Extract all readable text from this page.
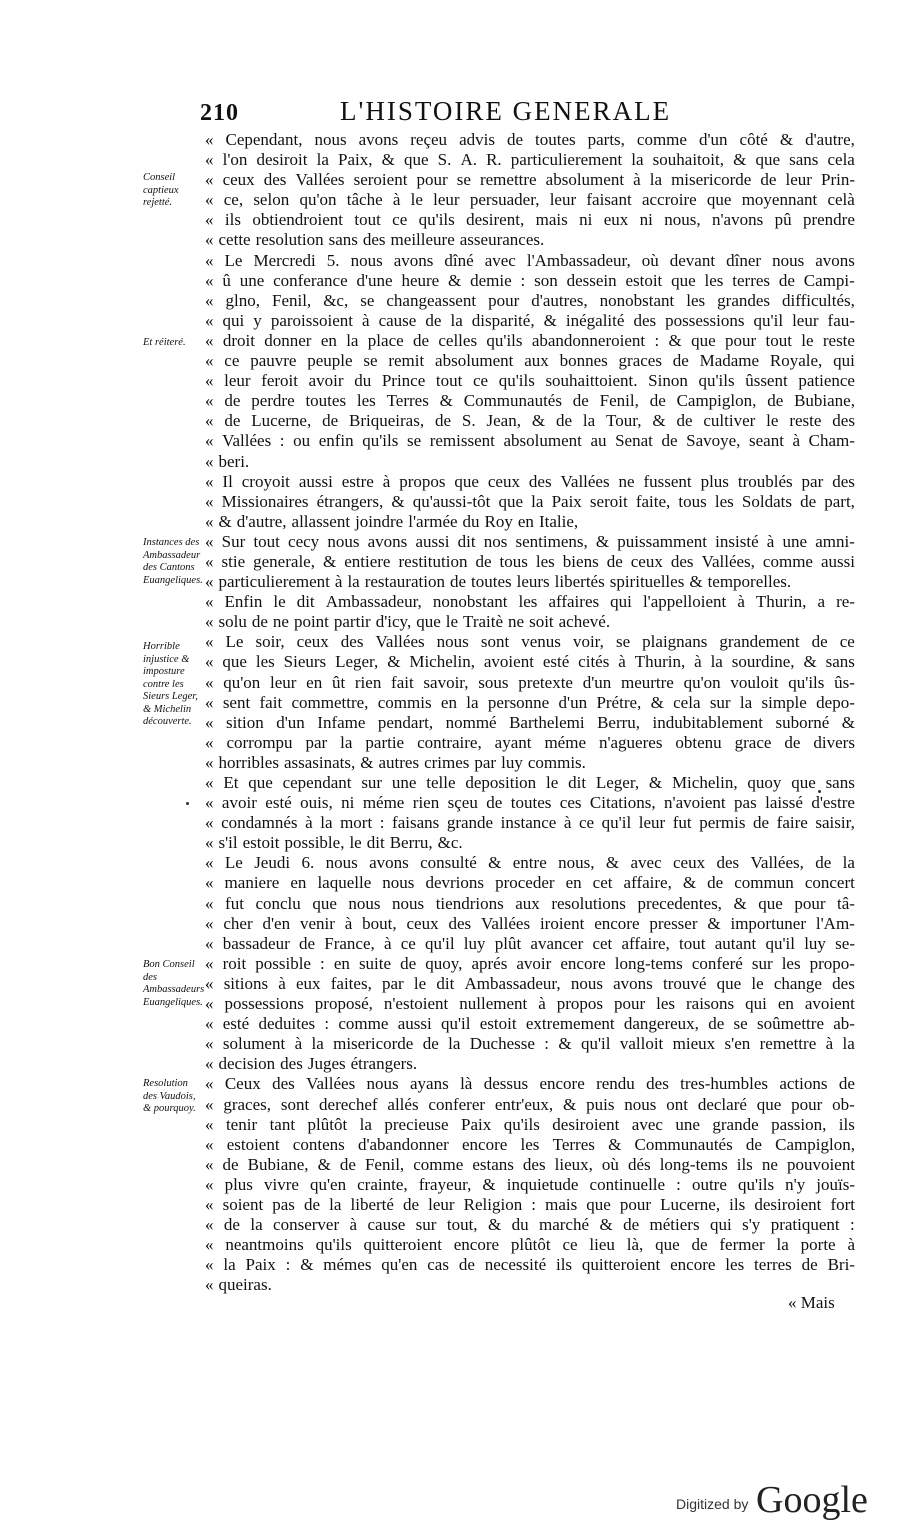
210	L'HISTOIRE GENERALE
Conseil captieux rejetté.
Et réiteré.
Instances des Ambassadeur des Cantons Euangeliques.
Horrible injustice & imposture contre les Sieurs Leger, & Michelin découverte.
Bon Conseil des Ambassadeurs Euangeliques.
Resolution des Vaudois, & pourquoy.
« Cependant, nous avons reçeu advis de toutes parts, comme d'un côté & d'autre,
« l'on desiroit la Paix, & que S. A. R. particulierement la souhaitoit, & que sans cela
« ceux des Vallées seroient pour se remettre absolument à la misericorde de leur Prin-
« ce, selon qu'on tâche à le leur persuader, leur faisant accroire que moyennant celà
« ils obtiendroient tout ce qu'ils desirent, mais ni eux ni nous, n'avons pû prendre
« cette resolution sans des meilleure asseurances.
« Le Mercredi 5. nous avons dîné avec l'Ambassadeur, où devant dîner nous avons
« û une conferance d'une heure & demie : son dessein estoit que les terres de Campi-
« glno, Fenil, &c, se changeassent pour d'autres, nonobstant les grandes difficultés,
« qui y paroissoient à cause de la disparité, & inégalité des possessions qu'il leur fau-
« droit donner en la place de celles qu'ils abandonneroient : & que pour tout le reste
« ce pauvre peuple se remit absolument aux bonnes graces de Madame Royale, qui
« leur feroit avoir du Prince tout ce qu'ils souhaittoient. Sinon qu'ils ûssent patience
« de perdre toutes les Terres & Communautés de Fenil, de Campiglon, de Bubiane,
« de Lucerne, de Briqueiras, de S. Jean, & de la Tour, & de cultiver le reste des
« Vallées : ou enfin qu'ils se remissent absolument au Senat de Savoye, seant à Cham-
« beri.
« Il croyoit aussi estre à propos que ceux des Vallées ne fussent plus troublés par des
« Missionaires étrangers, & qu'aussi-tôt que la Paix seroit faite, tous les Soldats de part,
« & d'autre, allassent joindre l'armée du Roy en Italie,
« Sur tout cecy nous avons aussi dit nos sentimens, & puissamment insisté à une amni-
« stie generale, & entiere restitution de tous les biens de ceux des Vallées, comme aussi
« particulierement à la restauration de toutes leurs libertés spirituelles & temporelles.
« Enfin le dit Ambassadeur, nonobstant les affaires qui l'appelloient à Thurin, a re-
« solu de ne point partir d'icy, que le Traitè ne soit achevé.
« Le soir, ceux des Vallées nous sont venus voir, se plaignans grandement de ce
« que les Sieurs Leger, & Michelin, avoient esté cités à Thurin, à la sourdine, & sans
« qu'on leur en ût rien fait savoir, sous pretexte d'un meurtre qu'on vouloit qu'ils ûs-
« sent fait commettre, commis en la personne d'un Prétre, & cela sur la simple depo-
« sition d'un Infame pendart, nommé Barthelemi Berru, indubitablement suborné &
« corrompu par la partie contraire, ayant méme n'agueres obtenu grace de divers
« horribles assasinats, & autres crimes par luy commis.
« Et que cependant sur une telle deposition le dit Leger, & Michelin, quoy que sans
« avoir esté ouis, ni méme rien sçeu de toutes ces Citations, n'avoient pas laissé d'estre
« condamnés à la mort : faisans grande instance à ce qu'il leur fut permis de faire saisir,
« s'il estoit possible, le dit Berru, &c.
« Le Jeudi 6. nous avons consulté & entre nous, & avec ceux des Vallées, de la
« maniere en laquelle nous devrions proceder en cet affaire, & de commun concert
« fut conclu que nous nous tiendrions aux resolutions precedentes, & que pour tâ-
« cher d'en venir à bout, ceux des Vallées iroient encore presser & importuner l'Am-
« bassadeur de France, à ce qu'il luy plût avancer cet affaire, tout autant qu'il luy se-
« roit possible : en suite de quoy, aprés avoir encore long-tems conferé sur les propo-
« sitions à eux faites, par le dit Ambassadeur, nous avons trouvé que le change des
« possessions proposé, n'estoient nullement à propos pour les raisons qui en avoient
« esté deduites : comme aussi qu'il estoit extremement dangereux, de se soûmettre ab-
« solument à la misericorde de la Duchesse : & qu'il valloit mieux s'en remettre à la
« decision des Juges étrangers.
« Ceux des Vallées nous ayans là dessus encore rendu des tres-humbles actions de
« graces, sont derechef allés conferer entr'eux, & puis nous ont declaré que pour ob-
« tenir tant plûtôt la precieuse Paix qu'ils desiroient avec une grande passion, ils
« estoient contens d'abandonner encore les Terres & Communautés de Campiglon,
« de Bubiane, & de Fenil, comme estans des lieux, où dés long-tems ils ne pouvoient
« plus vivre qu'en crainte, frayeur, & inquietude continuelle : outre qu'ils n'y jouïs-
« soient pas de la liberté de leur Religion : mais que pour Lucerne, ils desiroient fort
« de la conserver à cause sur tout, & du marché & de métiers qui s'y pratiquent :
« neantmoins qu'ils quitteroient encore plûtôt ce lieu là, que de fermer la porte à
« la Paix : & mémes qu'en cas de necessité ils quitteroient encore les terres de Bri-
« queiras.
« Mais
Digitized by Google
